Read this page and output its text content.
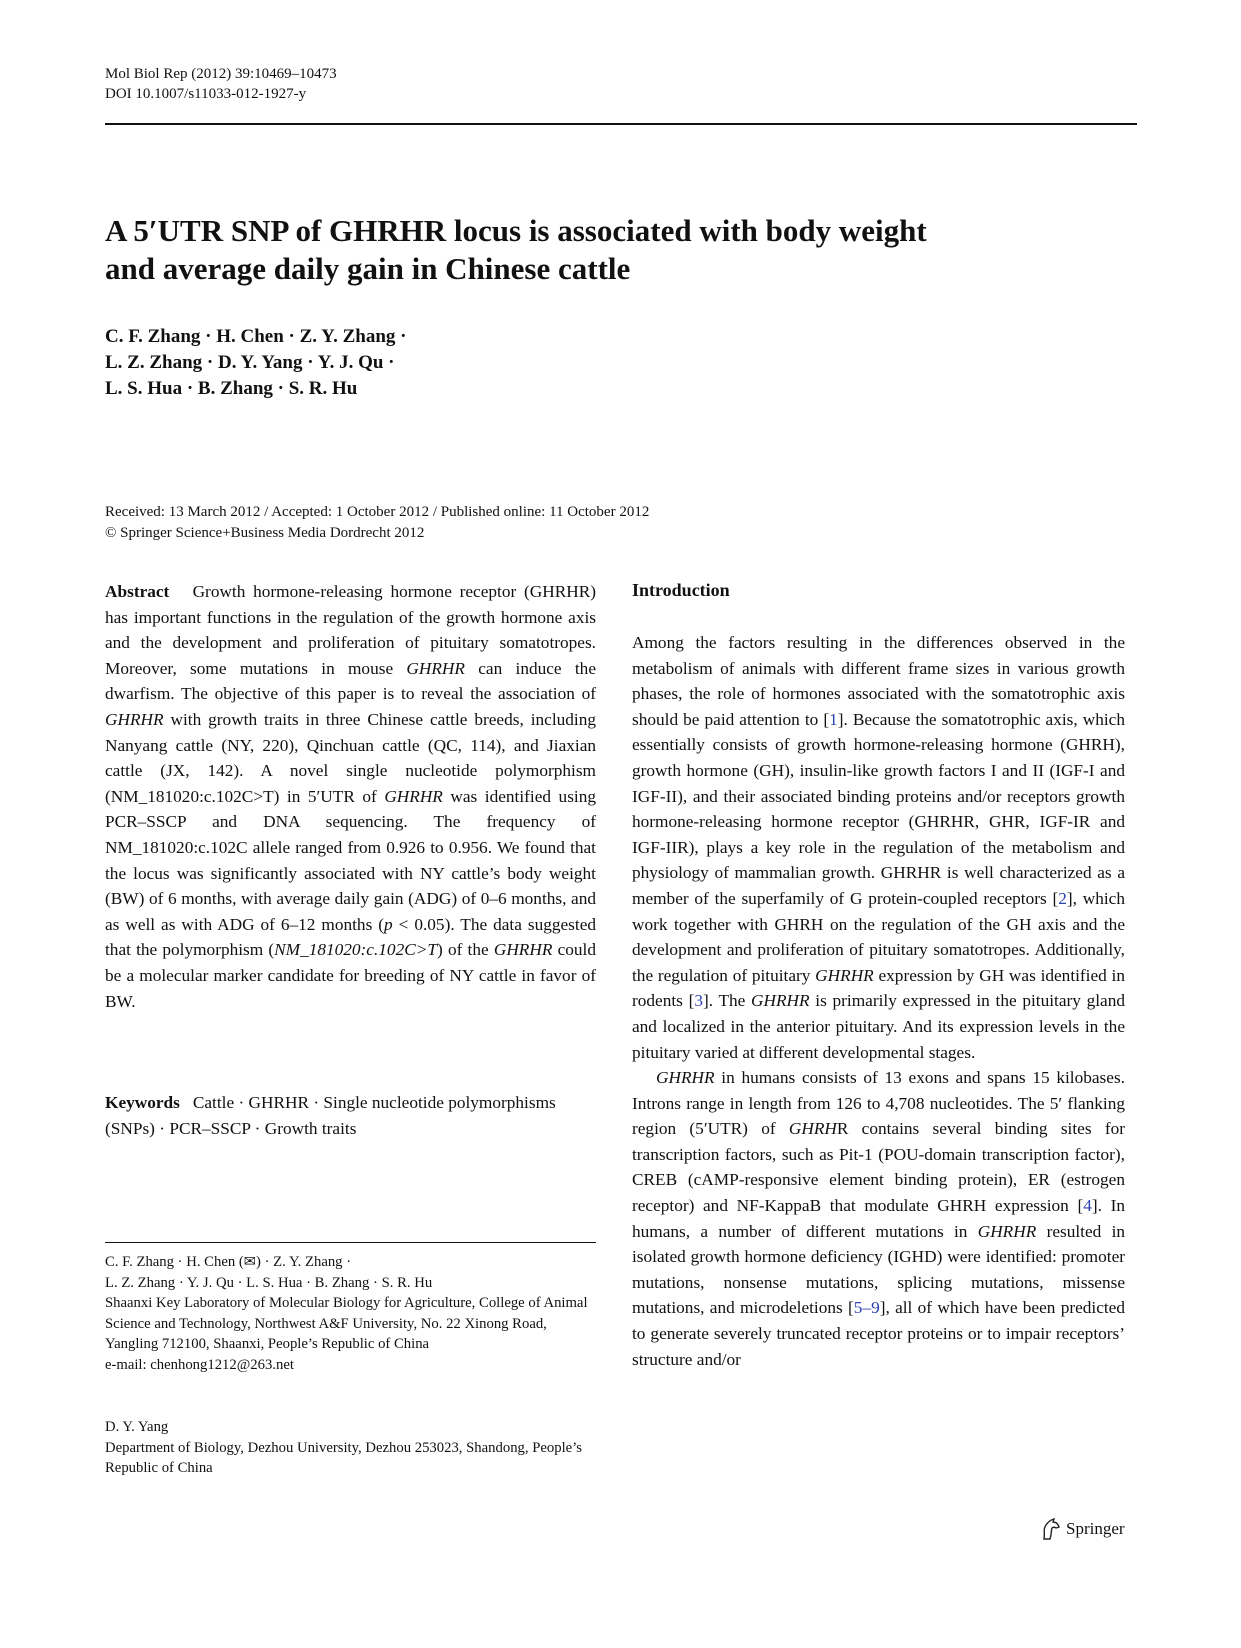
Mol Biol Rep (2012) 39:10469–10473
DOI 10.1007/s11033-012-1927-y
A 5′UTR SNP of GHRHR locus is associated with body weight
and average daily gain in Chinese cattle
C. F. Zhang · H. Chen · Z. Y. Zhang ·
L. Z. Zhang · D. Y. Yang · Y. J. Qu ·
L. S. Hua · B. Zhang · S. R. Hu
Received: 13 March 2012 / Accepted: 1 October 2012 / Published online: 11 October 2012
© Springer Science+Business Media Dordrecht 2012
Abstract Growth hormone-releasing hormone receptor (GHRHR) has important functions in the regulation of the growth hormone axis and the development and proliferation of pituitary somatotropes. Moreover, some mutations in mouse GHRHR can induce the dwarfism. The objective of this paper is to reveal the association of GHRHR with growth traits in three Chinese cattle breeds, including Nanyang cattle (NY, 220), Qinchuan cattle (QC, 114), and Jiaxian cattle (JX, 142). A novel single nucleotide polymorphism (NM_181020:c.102C>T) in 5′UTR of GHRHR was identified using PCR–SSCP and DNA sequencing. The frequency of NM_181020:c.102C allele ranged from 0.926 to 0.956. We found that the locus was significantly associated with NY cattle’s body weight (BW) of 6 months, with average daily gain (ADG) of 0–6 months, and as well as with ADG of 6–12 months (p < 0.05). The data suggested that the polymorphism (NM_181020:c.102C>T) of the GHRHR could be a molecular marker candidate for breeding of NY cattle in favor of BW.
Keywords Cattle · GHRHR · Single nucleotide polymorphisms (SNPs) · PCR–SSCP · Growth traits
C. F. Zhang · H. Chen (✉) · Z. Y. Zhang ·
L. Z. Zhang · Y. J. Qu · L. S. Hua · B. Zhang · S. R. Hu
Shaanxi Key Laboratory of Molecular Biology for Agriculture, College of Animal Science and Technology, Northwest A&F University, No. 22 Xinong Road, Yangling 712100, Shaanxi, People’s Republic of China
e-mail: chenhong1212@263.net
D. Y. Yang
Department of Biology, Dezhou University, Dezhou 253023, Shandong, People’s Republic of China
Introduction

Among the factors resulting in the differences observed in the metabolism of animals with different frame sizes in various growth phases, the role of hormones associated with the somatotrophic axis should be paid attention to [1]. Because the somatotrophic axis, which essentially consists of growth hormone-releasing hormone (GHRH), growth hormone (GH), insulin-like growth factors I and II (IGF-I and IGF-II), and their associated binding proteins and/or receptors growth hormone-releasing hormone receptor (GHRHR, GHR, IGF-IR and IGF-IIR), plays a key role in the regulation of the metabolism and physiology of mammalian growth. GHRHR is well characterized as a member of the superfamily of G protein-coupled receptors [2], which work together with GHRH on the regulation of the GH axis and the development and proliferation of pituitary somatotropes. Additionally, the regulation of pituitary GHRHR expression by GH was identified in rodents [3]. The GHRHR is primarily expressed in the pituitary gland and localized in the anterior pituitary. And its expression levels in the pituitary varied at different developmental stages.

GHRHR in humans consists of 13 exons and spans 15 kilobases. Introns range in length from 126 to 4,708 nucleotides. The 5′ flanking region (5′UTR) of GHRHR contains several binding sites for transcription factors, such as Pit-1 (POU-domain transcription factor), CREB (cAMP-responsive element binding protein), ER (estrogen receptor) and NF-KappaB that modulate GHRH expression [4]. In humans, a number of different mutations in GHRHR resulted in isolated growth hormone deficiency (IGHD) were identified: promoter mutations, nonsense mutations, splicing mutations, missense mutations, and microdeletions [5–9], all of which have been predicted to generate severely truncated receptor proteins or to impair receptors’ structure and/or

Springer
